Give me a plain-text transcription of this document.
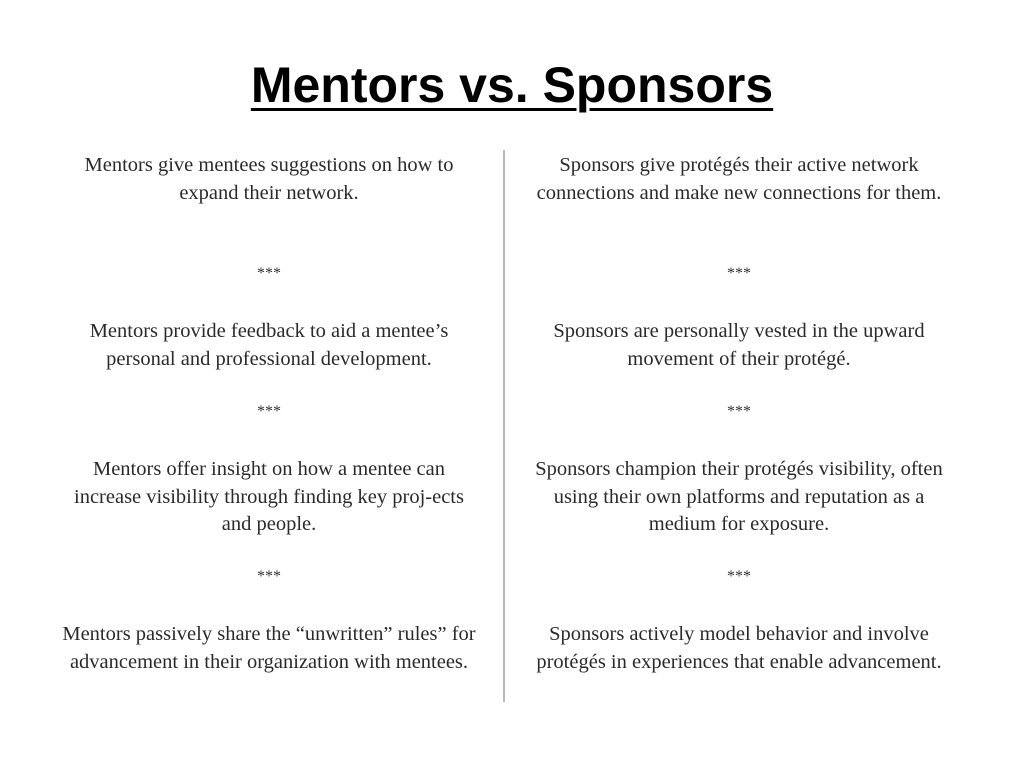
Mentors vs. Sponsors

Mentors give mentees suggestions on how to expand their network.

***

Mentors provide feedback to aid a mentee’s personal and professional development.

***

Mentors offer insight on how a mentee can increase visibility through finding key proj-ects and people.

***

Mentors passively share the “unwritten” rules” for advancement in their organization with mentees.

Sponsors give protégés their active network connections and make new connections for them.

***

Sponsors are personally vested in the upward movement of their protégé.

***

Sponsors champion their protégés visibility, often using their own platforms and reputation as a medium for exposure.

***

Sponsors actively model behavior and involve protégés in experiences that enable advancement.
